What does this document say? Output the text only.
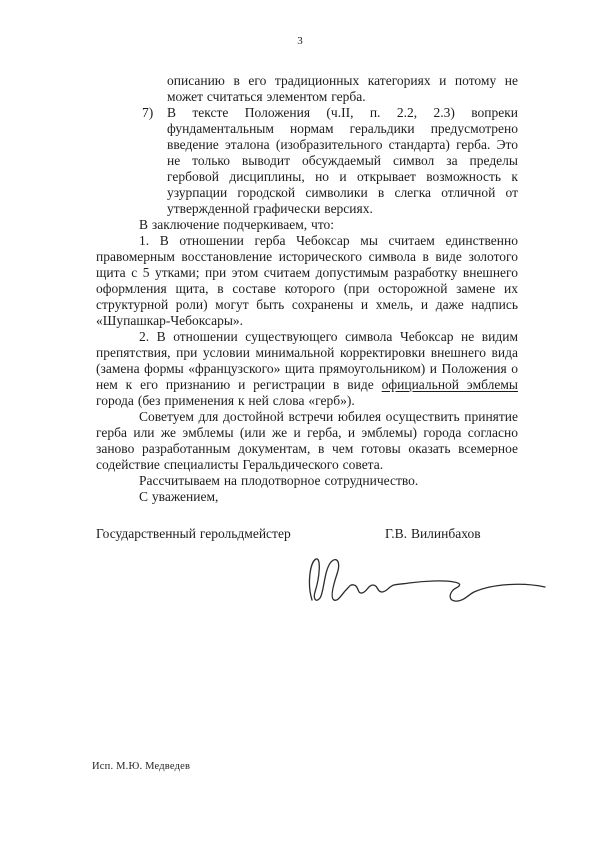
3

описанию в его традиционных категориях и потому не может считаться элементом герба.

7) В тексте Положения (ч.II, п. 2.2, 2.3) вопреки фундаментальным нормам геральдики предусмотрено введение эталона (изобразительного стандарта) герба. Это не только выводит обсуждаемый символ за пределы гербовой дисциплины, но и открывает возможность к узурпации городской символики в слегка отличной от утвержденной графически версиях.

В заключение подчеркиваем, что:

1. В отношении герба Чебоксар мы считаем единственно правомерным восстановление исторического символа в виде золотого щита с 5 утками; при этом считаем допустимым разработку внешнего оформления щита, в составе которого (при осторожной замене их структурной роли) могут быть сохранены и хмель, и даже надпись «Шупашкар-Чебоксары».

2. В отношении существующего символа Чебоксар не видим препятствия, при условии минимальной корректировки внешнего вида (замена формы «французского» щита прямоугольником) и Положения о нем к его признанию и регистрации в виде официальной эмблемы города (без применения к ней слова «герб»).

Советуем для достойной встречи юбилея осуществить принятие герба или же эмблемы (или же и герба, и эмблемы) города согласно заново разработанным документам, в чем готовы оказать всемерное содействие специалисты Геральдического совета.

Рассчитываем на плодотворное сотрудничество.

С уважением,

Государственный герольдмейстер	Г.В. Вилинбахов
Исп. М.Ю. Медведев
